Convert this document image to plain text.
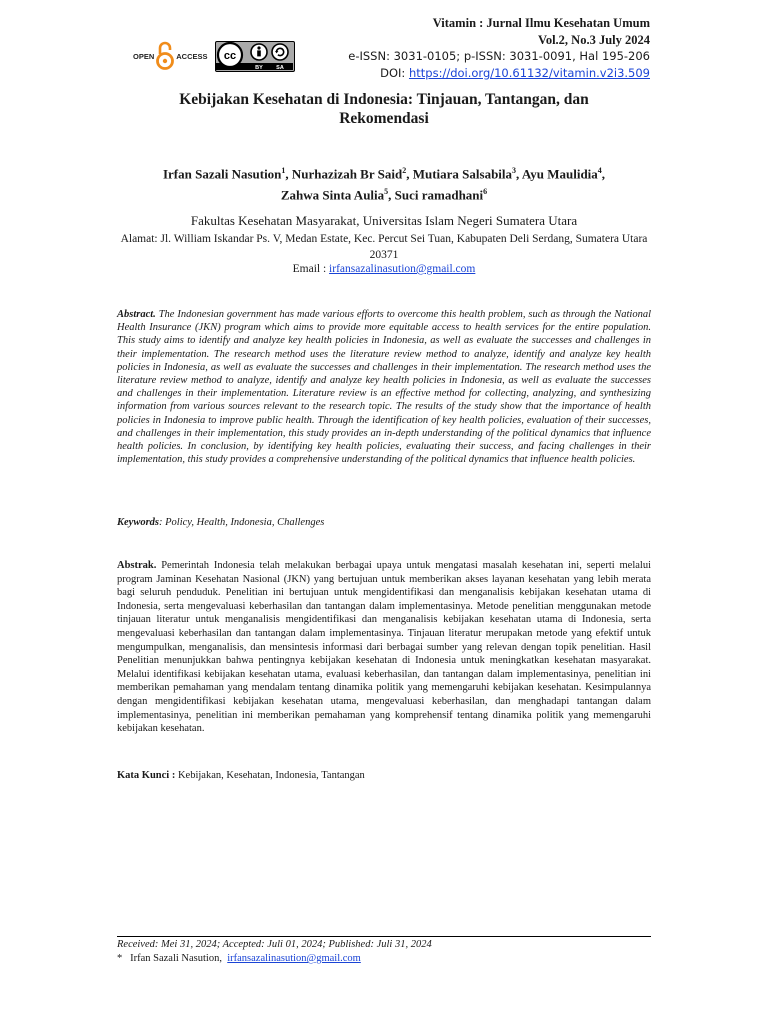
Vitamin : Jurnal Ilmu Kesehatan Umum
Vol.2, No.3 July 2024
e-ISSN: 3031-0105; p-ISSN: 3031-0091, Hal 195-206
DOI: https://doi.org/10.61132/vitamin.v2i3.509
OPEN	ACCESS cc
BY SA
Kebijakan Kesehatan di Indonesia: Tinjauan, Tantangan, dan
Rekomendasi
Irfan Sazali Nasution$^1$, Nurhazizah Br Said$^2$, Mutiara Salsabila$^3$, Ayu Maulidia$^4$,
Zahwa Sinta Aulia$^5$, Suci ramadhani$^6$
Fakultas Kesehatan Masyarakat, Universitas Islam Negeri Sumatera Utara
Alamat: Jl. William Iskandar Ps. V, Medan Estate, Kec. Percut Sei Tuan, Kabupaten Deli Serdang, Sumatera Utara 20371
Email : irfansazalinasution@gmail.com
Abstract. The Indonesian government has made various efforts to overcome this health problem, such as through the National Health Insurance (JKN) program which aims to provide more equitable access to health services for the entire population. This study aims to identify and analyze key health policies in Indonesia, as well as evaluate the successes and challenges in their implementation. The research method uses the literature review method to analyze, identify and analyze key health policies in Indonesia, as well as evaluate the successes and challenges in their implementation. The research method uses the literature review method to analyze, identify and analyze key health policies in Indonesia, as well as evaluate the successes and challenges in their implementation. Literature review is an effective method for collecting, analyzing, and synthesizing information from various sources relevant to the research topic. The results of the study show that the importance of health policies in Indonesia to improve public health. Through the identification of key health policies, evaluation of their successes, and challenges in their implementation, this study provides an in-depth understanding of the political dynamics that influence health policies. In conclusion, by identifying key health policies, evaluating their success, and facing challenges in their implementation, this study provides a comprehensive understanding of the political dynamics that influence health policies.
Keywords: Policy, Health, Indonesia, Challenges
Abstrak. Pemerintah Indonesia telah melakukan berbagai upaya untuk mengatasi masalah kesehatan ini, seperti melalui program Jaminan Kesehatan Nasional (JKN) yang bertujuan untuk memberikan akses layanan kesehatan yang lebih merata bagi seluruh penduduk. Penelitian ini bertujuan untuk mengidentifikasi dan menganalisis kebijakan kesehatan utama di Indonesia, serta mengevaluasi keberhasilan dan tantangan dalam implementasinya. Metode penelitian menggunakan metode tinjauan literatur untuk menganalisis mengidentifikasi dan menganalisis kebijakan kesehatan utama di Indonesia, serta mengevaluasi keberhasilan dan tantangan dalam implementasinya. Tinjauan literatur merupakan metode yang efektif untuk mengumpulkan, menganalisis, dan mensintesis informasi dari berbagai sumber yang relevan dengan topik penelitian. Hasil Penelitian menunjukkan bahwa pentingnya kebijakan kesehatan di Indonesia untuk meningkatkan kesehatan masyarakat. Melalui identifikasi kebijakan kesehatan utama, evaluasi keberhasilan, dan tantangan dalam implementasinya, penelitian ini memberikan pemahaman yang mendalam tentang dinamika politik yang memengaruhi kebijakan kesehatan. Kesimpulannya dengan mengidentifikasi kebijakan kesehatan utama, mengevaluasi keberhasilan, dan menghadapi tantangan dalam implementasinya, penelitian ini memberikan pemahaman yang komprehensif tentang dinamika politik yang memengaruhi kebijakan kesehatan.
Kata Kunci : Kebijakan, Kesehatan, Indonesia, Tantangan
Received: Mei 31, 2024; Accepted: Juli 01, 2024; Published: Juli 31, 2024
* Irfan Sazali Nasution, irfansazalinasution@gmail.com
